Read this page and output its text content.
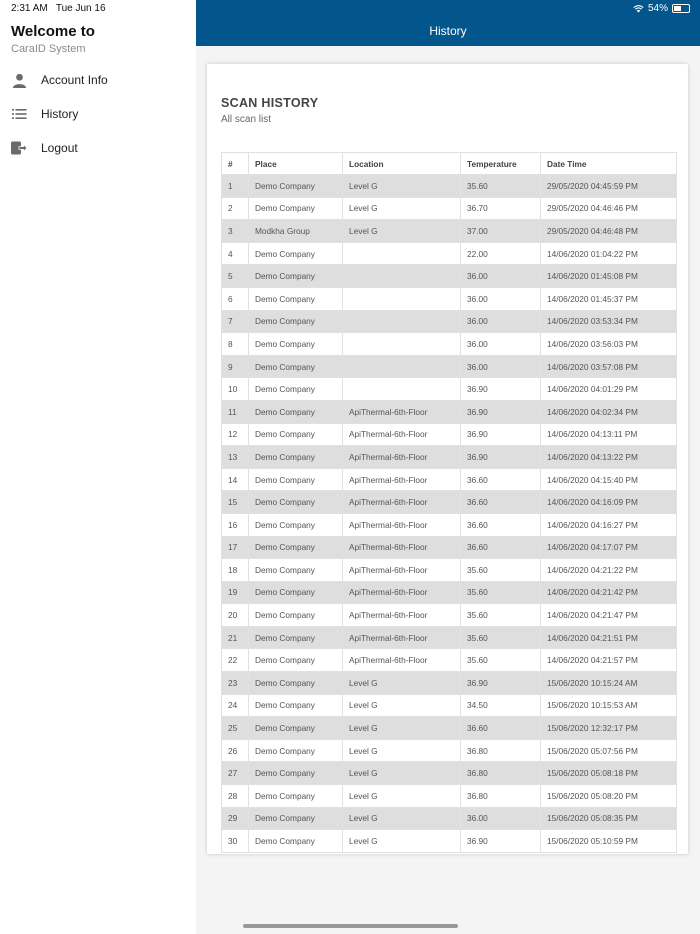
2:31 AM Tue Jun 16	54%
Welcome to
CaraID System
Account Info
History
Logout
History
SCAN HISTORY
All scan list
#	Place	Location	Temperature	Date Time
1	Demo Company	Level G	35.60	29/05/2020 04:45:59 PM
2	Demo Company	Level G	36.70	29/05/2020 04:46:46 PM
3	Modkha Group	Level G	37.00	29/05/2020 04:46:48 PM
4	Demo Company		22.00	14/06/2020 01:04:22 PM
5	Demo Company		36.00	14/06/2020 01:45:08 PM
6	Demo Company		36.00	14/06/2020 01:45:37 PM
7	Demo Company		36.00	14/06/2020 03:53:34 PM
8	Demo Company		36.00	14/06/2020 03:56:03 PM
9	Demo Company		36.00	14/06/2020 03:57:08 PM
10	Demo Company		36.90	14/06/2020 04:01:29 PM
11	Demo Company	ApiThermal-6th-Floor	36.90	14/06/2020 04:02:34 PM
12	Demo Company	ApiThermal-6th-Floor	36.90	14/06/2020 04:13:11 PM
13	Demo Company	ApiThermal-6th-Floor	36.90	14/06/2020 04:13:22 PM
14	Demo Company	ApiThermal-6th-Floor	36.60	14/06/2020 04:15:40 PM
15	Demo Company	ApiThermal-6th-Floor	36.60	14/06/2020 04:16:09 PM
16	Demo Company	ApiThermal-6th-Floor	36.60	14/06/2020 04:16:27 PM
17	Demo Company	ApiThermal-6th-Floor	36.60	14/06/2020 04:17:07 PM
18	Demo Company	ApiThermal-6th-Floor	35.60	14/06/2020 04:21:22 PM
19	Demo Company	ApiThermal-6th-Floor	35.60	14/06/2020 04:21:42 PM
20	Demo Company	ApiThermal-6th-Floor	35.60	14/06/2020 04:21:47 PM
21	Demo Company	ApiThermal-6th-Floor	35.60	14/06/2020 04:21:51 PM
22	Demo Company	ApiThermal-6th-Floor	35.60	14/06/2020 04:21:57 PM
23	Demo Company	Level G	36.90	15/06/2020 10:15:24 AM
24	Demo Company	Level G	34.50	15/06/2020 10:15:53 AM
25	Demo Company	Level G	36.60	15/06/2020 12:32:17 PM
26	Demo Company	Level G	36.80	15/06/2020 05:07:56 PM
27	Demo Company	Level G	36.80	15/06/2020 05:08:18 PM
28	Demo Company	Level G	36.80	15/06/2020 05:08:20 PM
29	Demo Company	Level G	36.00	15/06/2020 05:08:35 PM
30	Demo Company	Level G	36.90	15/06/2020 05:10:59 PM
